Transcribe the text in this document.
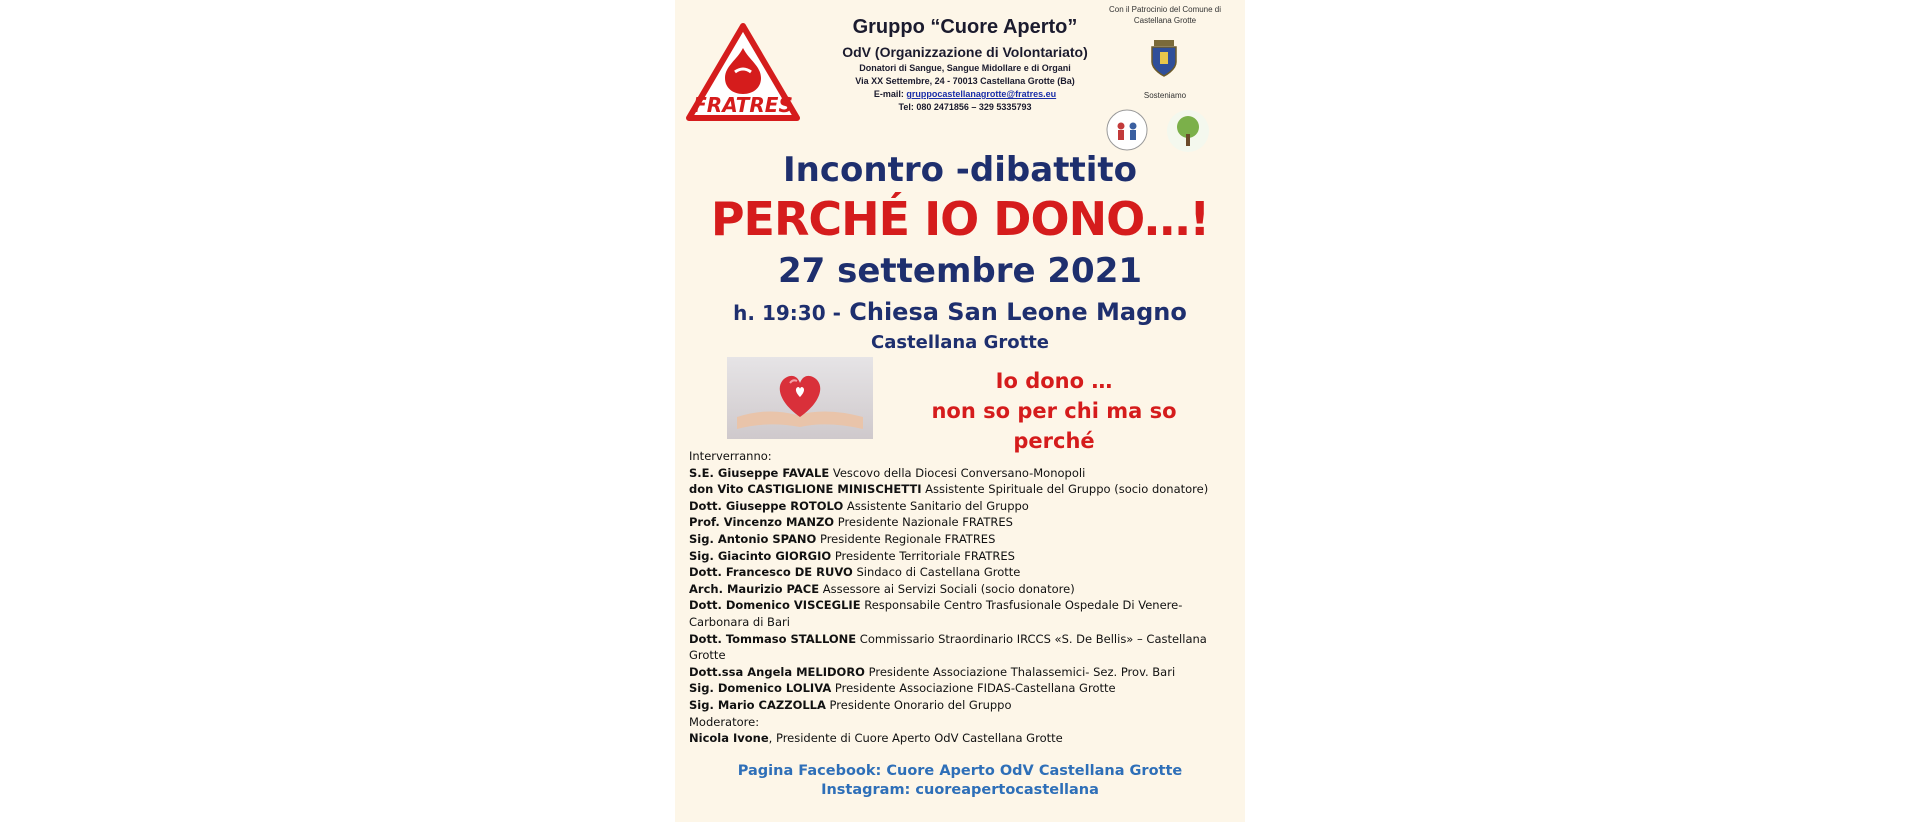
FRATRES
Gruppo “Cuore Aperto”
OdV (Organizzazione di Volontariato)
Donatori di Sangue, Sangue Midollare e di Organi
Via XX Settembre, 24 - 70013 Castellana Grotte (Ba)
E-mail: gruppocastellanagrotte@fratres.eu
Tel: 080 2471856 – 329 5335793
Con il Patrocinio del Comune di Castellana Grotte
Sosteniamo
Incontro -dibattito
PERCHÉ IO DONO…!
27 settembre 2021
h. 19:30 - Chiesa San Leone Magno
Castellana Grotte
Io dono …
non so per chi ma so
perché
Interverranno:
S.E. Giuseppe FAVALE Vescovo della Diocesi Conversano-Monopoli
don Vito CASTIGLIONE MINISCHETTI Assistente Spirituale del Gruppo (socio donatore)
Dott. Giuseppe ROTOLO Assistente Sanitario del Gruppo
Prof. Vincenzo MANZO Presidente Nazionale FRATRES
Sig. Antonio SPANO Presidente Regionale FRATRES
Sig. Giacinto GIORGIO Presidente Territoriale FRATRES
Dott. Francesco DE RUVO Sindaco di Castellana Grotte
Arch. Maurizio PACE Assessore ai Servizi Sociali (socio donatore)
Dott. Domenico VISCEGLIE Responsabile Centro Trasfusionale Ospedale Di Venere- Carbonara di Bari
Dott. Tommaso STALLONE Commissario Straordinario IRCCS «S. De Bellis» – Castellana Grotte
Dott.ssa Angela MELIDORO Presidente Associazione Thalassemici- Sez. Prov. Bari
Sig. Domenico LOLIVA Presidente Associazione FIDAS-Castellana Grotte
Sig. Mario CAZZOLLA Presidente Onorario del Gruppo
Moderatore:
Nicola Ivone, Presidente di Cuore Aperto OdV Castellana Grotte
Pagina Facebook: Cuore Aperto OdV Castellana Grotte
Instagram: cuoreapertocastellana
